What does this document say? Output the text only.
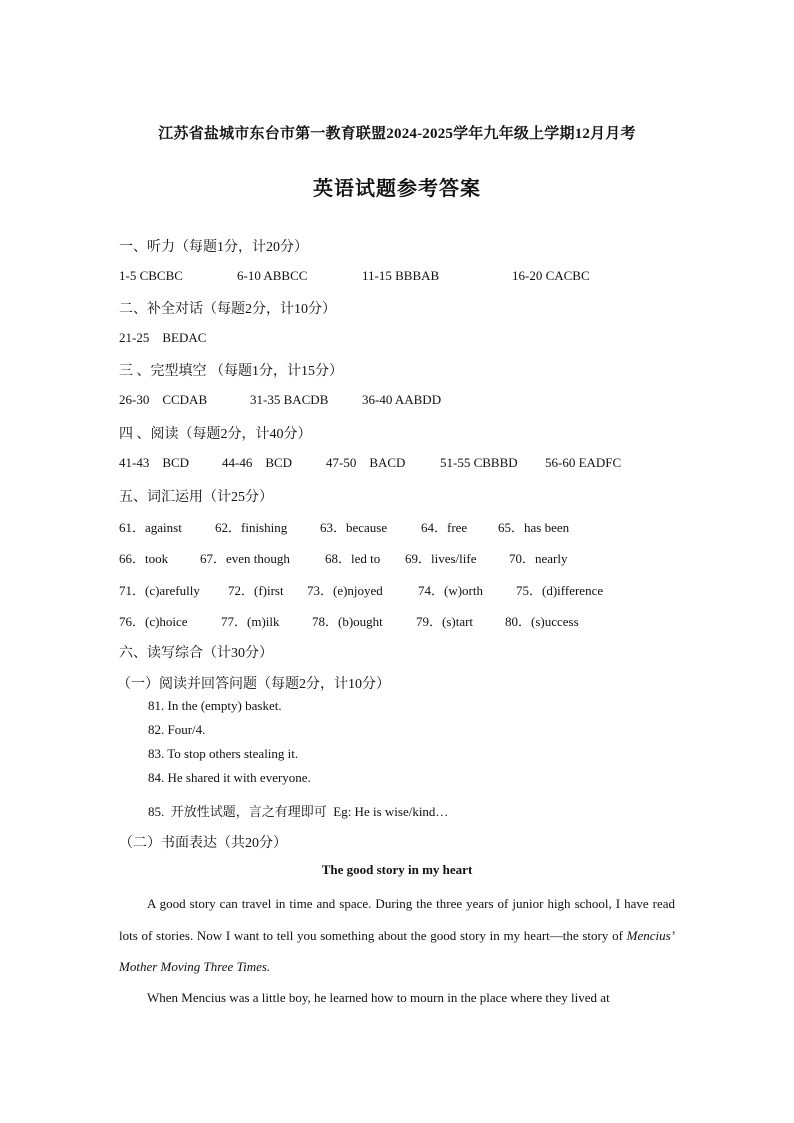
江苏省盐城市东台市第一教育联盟2024-2025学年九年级上学期12月月考
英语试题参考答案
一、听力（每题1分，计20分）
1-5 CBCBC	6-10 ABBCC	11-15 BBBAB	16-20 CACBC
二、补全对话（每题2分，计10分）
21-25    BEDAC
三 、完型填空 （每题1分，计15分）
26-30    CCDAB	31-35 BACDB	36-40 AABDD
四 、阅读（每题2分，计40分）
41-43    BCD	44-46    BCD	47-50    BACD	51-55 CBBBD 56-60 EADFC
五、词汇运用（计25分）
61．against	62．finishing	63．because	64．free 65．has been
66．took 67．even though	68．led to 69．lives/life	70．nearly
71．(c)arefully 72．(f)irst 73．(e)njoyed	74．(w)orth	75．(d)ifference
76．(c)hoice	77．(m)ilk	78．(b)ought	79．(s)tart 80．(s)uccess
六、读写综合（计30分）
（一）阅读并回答问题（每题2分，计10分）
81. In the (empty) basket.
82. Four/4.
83. To stop others stealing it.
84. He shared it with everyone.
85.  开放性试题，言之有理即可  Eg: He is wise/kind…
（二）书面表达（共20分）
The good story in my heart
A good story can travel in time and space. During the three years of junior high school, I have read lots of stories. Now I want to tell you something about the good story in my heart—the story of Mencius’ Mother Moving Three Times.
When Mencius was a little boy, he learned how to mourn in the place where they lived at
